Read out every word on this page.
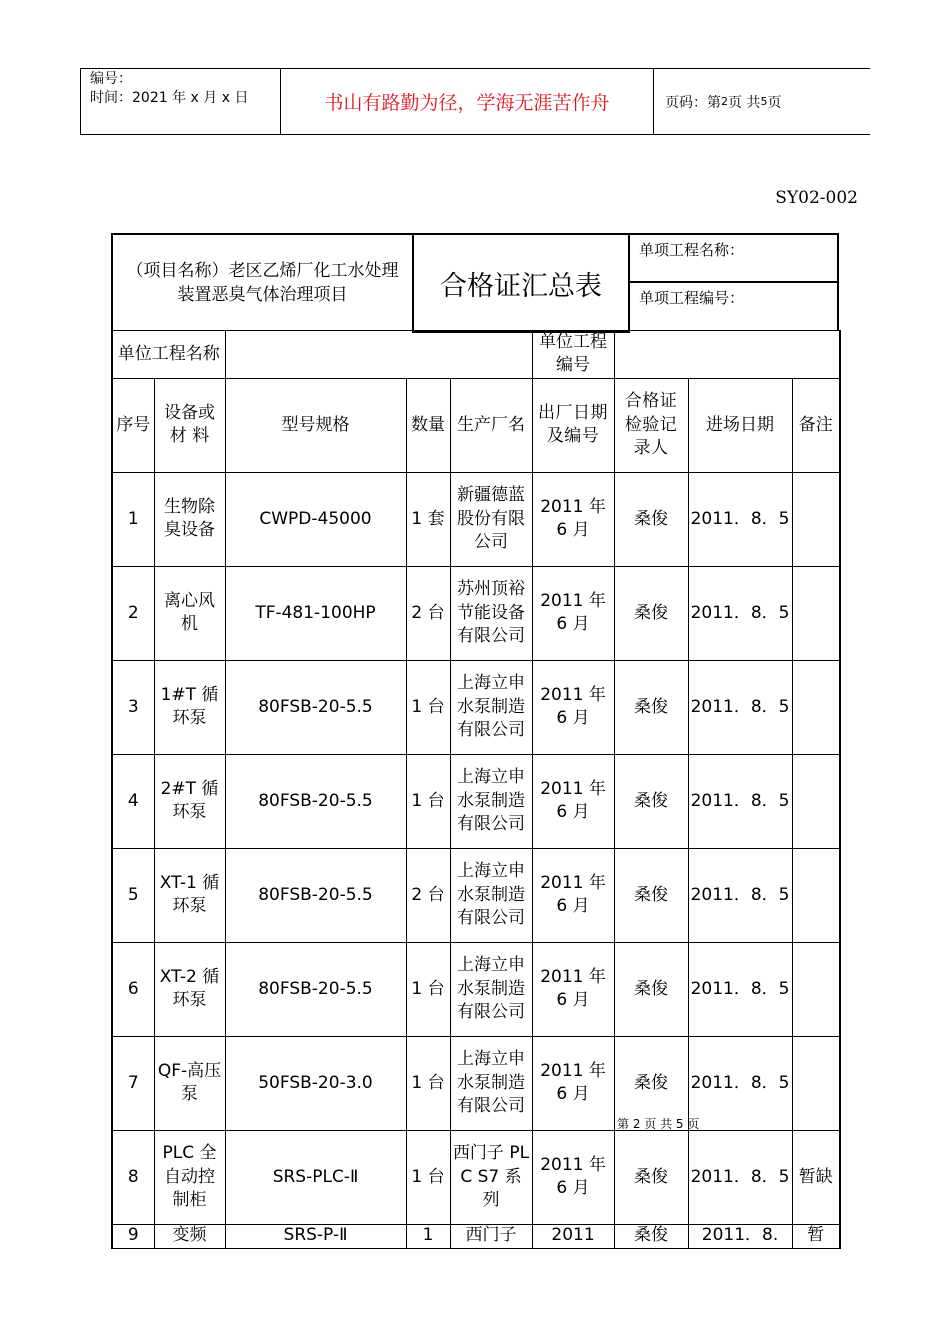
编号：
时间：2021 年 x 月 x 日	书山有路勤为径，学海无涯苦作舟	页码：第 2 页 共 5 页
SY02-002
（项目名称）老区乙烯厂化工水处理装置恶臭气体治理项目	合格证汇总表
单项工程名称：
单项工程编号：
单位工程名称					单位工程编号			
序号	设备或材 料	型号规格	数量	生产厂名	出厂日期及编号	合格证检验记录人	进场日期	备注
1	生物除臭设备	CWPD-45000	1 套	新疆德蓝股份有限公司	2011 年 6 月	桑俊	2011．8．5	
2	离心风机	TF-481-100HP	2 台	苏州顶裕节能设备有限公司	2011 年 6 月	桑俊	2011．8．5	
3	1#T 循环泵	80FSB-20-5.5	1 台	上海立申水泵制造有限公司	2011 年 6 月	桑俊	2011．8．5	
4	2#T 循环泵	80FSB-20-5.5	1 台	上海立申水泵制造有限公司	2011 年 6 月	桑俊	2011．8．5	
5	XT-1 循环泵	80FSB-20-5.5	2 台	上海立申水泵制造有限公司	2011 年 6 月	桑俊	2011．8．5	
6	XT-2 循环泵	80FSB-20-5.5	1 台	上海立申水泵制造有限公司	2011 年 6 月	桑俊	2011．8．5	
7	QF-高压泵	50FSB-20-3.0	1 台	上海立申水泵制造有限公司	2011 年 6 月	桑俊	2011．8．5	
8	PLC 全自动控制柜	SRS-PLC-Ⅱ	1 台	西门子 PLC S7 系列	2011 年 6 月	桑俊	2011．8．5	暂缺
9	变频	SRS-P-Ⅱ	1	西门子	2011	桑俊	2011．8.	暂
第 2 页 共 5 页
